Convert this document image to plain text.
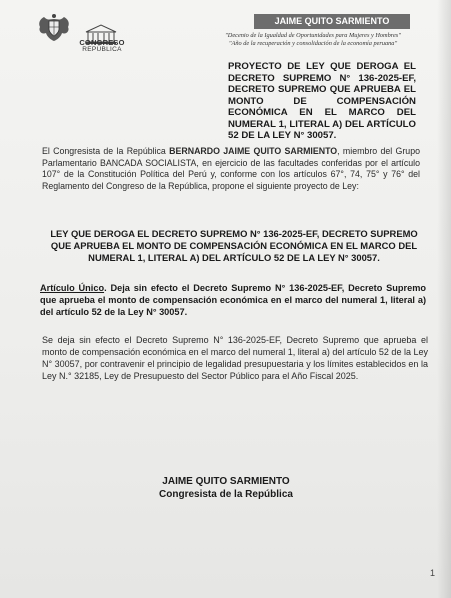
CONGRESO
REPÚBLICA
JAIME QUITO SARMIENTO
"Decenio de la Igualdad de Oportunidades para Mujeres y Hombres"
"Año de la recuperación y consolidación de la economía peruana"
PROYECTO DE LEY QUE DEROGA EL DECRETO SUPREMO N° 136-2025-EF, DECRETO SUPREMO QUE APRUEBA EL MONTO DE COMPENSACIÓN ECONÓMICA EN EL MARCO DEL NUMERAL 1, LITERAL A) DEL ARTÍCULO 52 DE LA LEY N° 30057.
El Congresista de la República BERNARDO JAIME QUITO SARMIENTO, miembro del Grupo Parlamentario BANCADA SOCIALISTA, en ejercicio de las facultades conferidas por el artículo 107° de la Constitución Política del Perú y, conforme con los artículos 67°, 74, 75° y 76° del Reglamento del Congreso de la República, propone el siguiente proyecto de Ley:
LEY QUE DEROGA EL DECRETO SUPREMO N° 136-2025-EF, DECRETO SUPREMO QUE APRUEBA EL MONTO DE COMPENSACIÓN ECONÓMICA EN EL MARCO DEL NUMERAL 1, LITERAL A) DEL ARTÍCULO 52 DE LA LEY N° 30057.
Artículo Único. Deja sin efecto el Decreto Supremo N° 136-2025-EF, Decreto Supremo que aprueba el monto de compensación económica en el marco del numeral 1, literal a) del artículo 52 de la Ley N° 30057.
Se deja sin efecto el Decreto Supremo N° 136-2025-EF, Decreto Supremo que aprueba el monto de compensación económica en el marco del numeral 1, literal a) del artículo 52 de la Ley N° 30057, por contravenir el principio de legalidad presupuestaria y los límites establecidos en la Ley N.° 32185, Ley de Presupuesto del Sector Público para el Año Fiscal 2025.
JAIME QUITO SARMIENTO
Congresista de la República
1
